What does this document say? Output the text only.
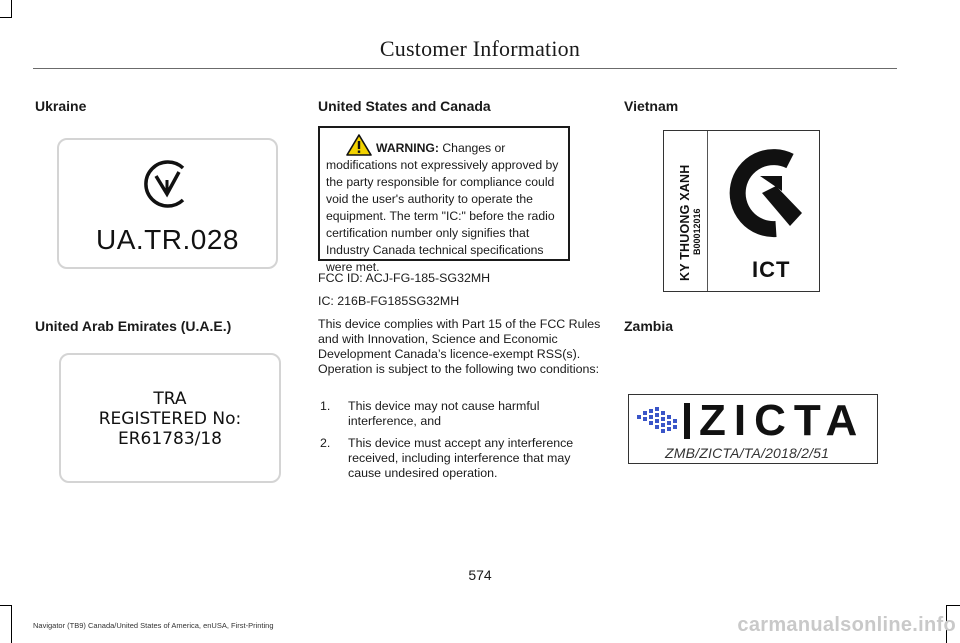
Customer Information
Ukraine
UA.TR.028
United Arab Emirates (U.A.E.)
TRA
REGISTERED No:
ER61783/18
United States and Canada
WARNING: Changes or modifications not expressively approved by the party responsible for compliance could void the user's authority to operate the equipment. The term "IC:" before the radio certification number only signifies that Industry Canada technical specifications were met.
FCC ID: ACJ-FG-185-SG32MH
IC: 216B-FG185SG32MH
This device complies with Part 15 of the FCC Rules and with Innovation, Science and Economic Development Canada’s licence-exempt RSS(s). Operation is subject to the following two conditions:
1. This device may not cause harmful interference, and
2. This device must accept any interference received, including interference that may cause undesired operation.
Vietnam
KY THUONG XANH B00012016
ICT
Zambia
ZICTA
ZMB/ZICTA/TA/2018/2/51
574
Navigator (TB9) Canada/United States of America, enUSA, First-Printing	carmanualsonline.info
